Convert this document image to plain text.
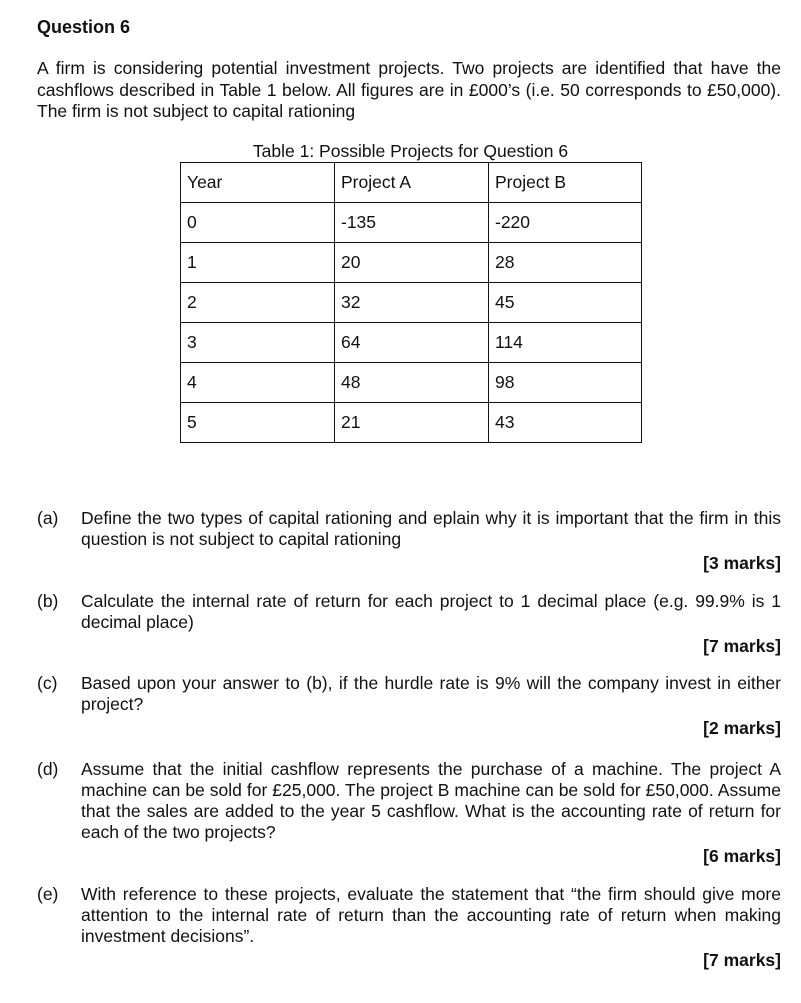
Question 6
A firm is considering potential investment projects. Two projects are identified that have the cashflows described in Table 1 below. All figures are in £000’s (i.e. 50 corresponds to £50,000). The firm is not subject to capital rationing
Table 1: Possible Projects for Question 6
Year	Project A	Project B
0	-135	-220
1	20	28
2	32	45
3	64	114
4	48	98
5	21	43
(a) Define the two types of capital rationing and eplain why it is important that the firm in this question is not subject to capital rationing
[3 marks]
(b) Calculate the internal rate of return for each project to 1 decimal place (e.g. 99.9% is 1 decimal place)
[7 marks]
(c) Based upon your answer to (b), if the hurdle rate is 9% will the company invest in either project?
[2 marks]
(d) Assume that the initial cashflow represents the purchase of a machine. The project A machine can be sold for £25,000. The project B machine can be sold for £50,000. Assume that the sales are added to the year 5 cashflow. What is the accounting rate of return for each of the two projects?
[6 marks]
(e) With reference to these projects, evaluate the statement that “the firm should give more attention to the internal rate of return than the accounting rate of return when making investment decisions”.
[7 marks]
